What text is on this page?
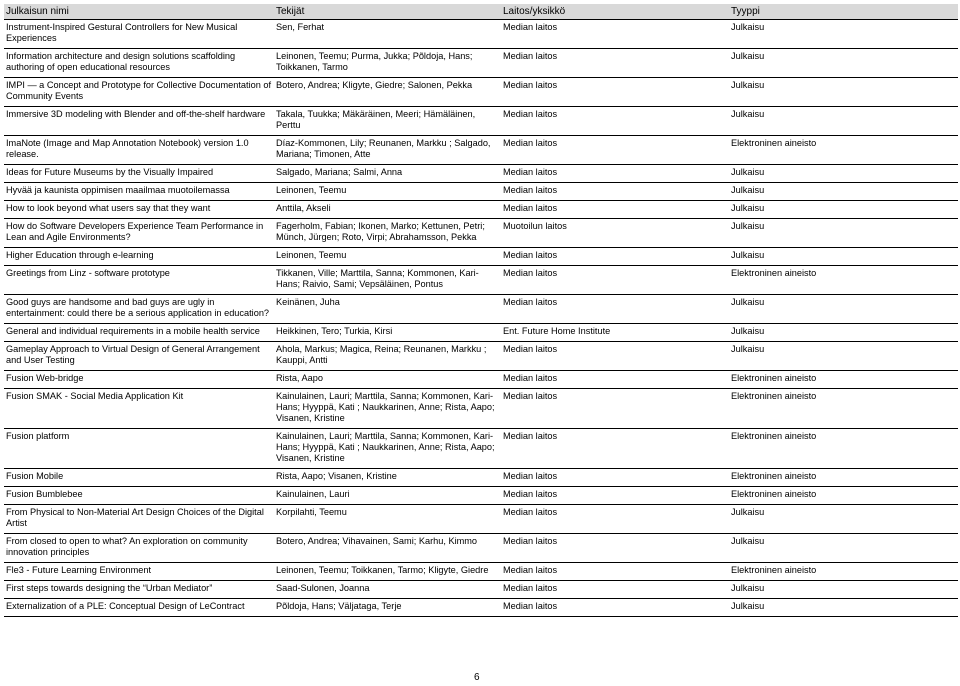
Julkaisun nimi	Tekijät	Laitos/yksikkö	Tyyppi
Instrument-Inspired Gestural Controllers for New Musical Experiences	Sen, Ferhat	Median laitos	Julkaisu
Information architecture and design solutions scaffolding authoring of open educational resources	Leinonen, Teemu; Purma, Jukka; Põldoja, Hans; Toikkanen, Tarmo	Median laitos	Julkaisu
IMPI — a Concept and Prototype for Collective Documentation of Community Events	Botero, Andrea; Kligyte, Giedre; Salonen, Pekka	Median laitos	Julkaisu
Immersive 3D modeling with Blender and off-the-shelf hardware	Takala, Tuukka; Mäkäräinen, Meeri; Hämäläinen, Perttu	Median laitos	Julkaisu
ImaNote (Image and Map Annotation Notebook) version 1.0 release.	Díaz-Kommonen, Lily; Reunanen, Markku ; Salgado, Mariana; Timonen, Atte	Median laitos	Elektroninen aineisto
Ideas for Future Museums by the Visually Impaired	Salgado, Mariana; Salmi, Anna	Median laitos	Julkaisu
Hyvää ja kaunista oppimisen maailmaa muotoilemassa	Leinonen, Teemu	Median laitos	Julkaisu
How to look beyond what users say that they want	Anttila, Akseli	Median laitos	Julkaisu
How do Software Developers Experience Team Performance in Lean and Agile Environments?	Fagerholm, Fabian; Ikonen, Marko; Kettunen, Petri; Münch, Jürgen; Roto, Virpi; Abrahamsson, Pekka	Muotoilun laitos	Julkaisu
Higher Education through e-learning	Leinonen, Teemu	Median laitos	Julkaisu
Greetings from Linz - software prototype	Tikkanen, Ville; Marttila, Sanna; Kommonen, Kari-Hans; Raivio, Sami; Vepsäläinen, Pontus	Median laitos	Elektroninen aineisto
Good guys are handsome and bad guys are ugly in entertainment: could there be a serious application in education?	Keinänen, Juha	Median laitos	Julkaisu
General and individual requirements in a mobile health service	Heikkinen, Tero; Turkia, Kirsi	Ent. Future Home Institute	Julkaisu
Gameplay Approach to Virtual Design of General Arrangement and User Testing	Ahola, Markus; Magica, Reina; Reunanen, Markku ; Kauppi, Antti	Median laitos	Julkaisu
Fusion Web-bridge	Rista, Aapo	Median laitos	Elektroninen aineisto
Fusion SMAK - Social Media Application Kit	Kainulainen, Lauri; Marttila, Sanna; Kommonen, Kari-Hans; Hyyppä, Kati ; Naukkarinen, Anne; Rista, Aapo; Visanen, Kristine	Median laitos	Elektroninen aineisto
Fusion platform	Kainulainen, Lauri; Marttila, Sanna; Kommonen, Kari-Hans; Hyyppä, Kati ; Naukkarinen, Anne; Rista, Aapo; Visanen, Kristine	Median laitos	Elektroninen aineisto
Fusion Mobile	Rista, Aapo; Visanen, Kristine	Median laitos	Elektroninen aineisto
Fusion Bumblebee	Kainulainen, Lauri	Median laitos	Elektroninen aineisto
From Physical to Non-Material Art Design Choices of the Digital Artist	Korpilahti, Teemu	Median laitos	Julkaisu
From closed to open to what? An exploration on community innovation principles	Botero, Andrea; Vihavainen, Sami; Karhu, Kimmo	Median laitos	Julkaisu
Fle3 - Future Learning Environment	Leinonen, Teemu; Toikkanen, Tarmo; Kligyte, Giedre	Median laitos	Elektroninen aineisto
First steps towards designing the “Urban Mediator”	Saad-Sulonen, Joanna	Median laitos	Julkaisu
Externalization of a PLE: Conceptual Design of LeContract	Põldoja, Hans; Väljataga, Terje	Median laitos	Julkaisu
6
